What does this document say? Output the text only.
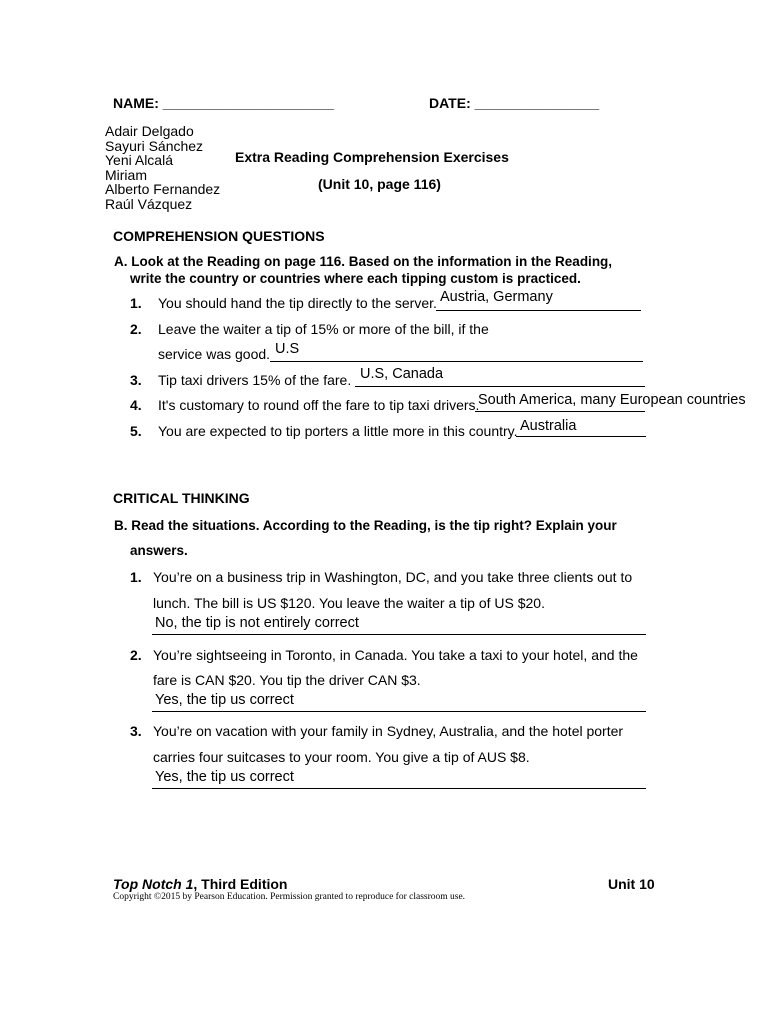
NAME: ______________________	DATE: ________________
Adair Delgado
Sayuri Sánchez
Yeni Alcalá
Miriam
Alberto Fernandez
Raúl Vázquez
Extra Reading Comprehension Exercises
(Unit 10, page 116)
COMPREHENSION QUESTIONS
A. Look at the Reading on page 116. Based on the information in the Reading,
write the country or countries where each tipping custom is practiced.
1. You should hand the tip directly to the server. Austria, Germany
2. Leave the waiter a tip of 15% or more of the bill, if the
service was good. U.S
3. Tip taxi drivers 15% of the fare. U.S, Canada
4. It's customary to round off the fare to tip taxi drivers.
South America, many European countries
5. You are expected to tip porters a little more in this country. Australia
CRITICAL THINKING
B. Read the situations. According to the Reading, is the tip right? Explain your
answers.
1. You’re on a business trip in Washington, DC, and you take three clients out to
lunch. The bill is US $120. You leave the waiter a tip of US $20.
No, the tip is not entirely correct
2. You’re sightseeing in Toronto, in Canada. You take a taxi to your hotel, and the
fare is CAN $20. You tip the driver CAN $3.
Yes, the tip us correct
3. You’re on vacation with your family in Sydney, Australia, and the hotel porter
carries four suitcases to your room. You give a tip of AUS $8.
Yes, the tip us correct
Top Notch 1, Third Edition	Unit 10
Copyright ©2015 by Pearson Education. Permission granted to reproduce for classroom use.
